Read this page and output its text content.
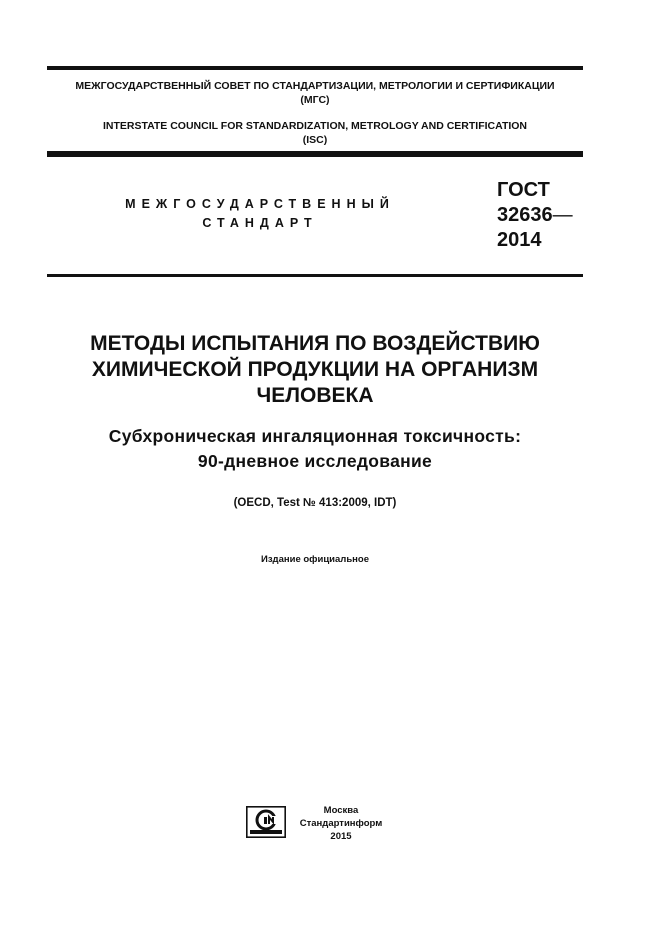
МЕЖГОСУДАРСТВЕННЫЙ СОВЕТ ПО СТАНДАРТИЗАЦИИ, МЕТРОЛОГИИ И СЕРТИФИКАЦИИ
(МГС)
INTERSTATE COUNCIL FOR STANDARDIZATION, METROLOGY AND CERTIFICATION
(ISC)
МЕЖГОСУДАРСТВЕННЫЙ
СТАНДАРТ
ГОСТ
32636—
2014
МЕТОДЫ ИСПЫТАНИЯ ПО ВОЗДЕЙСТВИЮ
ХИМИЧЕСКОЙ ПРОДУКЦИИ НА ОРГАНИЗМ
ЧЕЛОВЕКА
Субхроническая ингаляционная токсичность:
90-дневное исследование
(OECD, Test № 413:2009, IDT)
Издание официальное
Москва
Стандартинформ
2015
